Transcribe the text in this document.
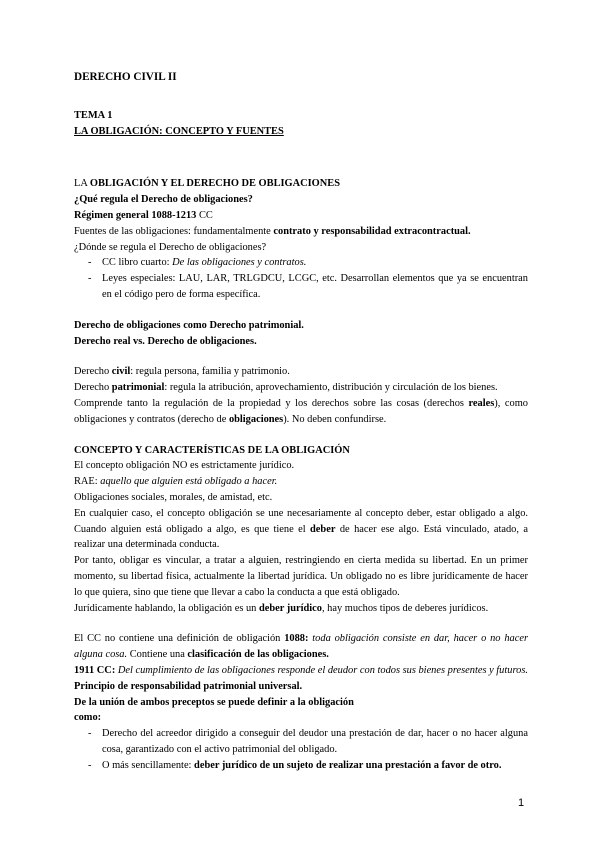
DERECHO CIVIL II

TEMA 1

LA OBLIGACIÓN: CONCEPTO Y FUENTES

LA OBLIGACIÓN Y EL DERECHO DE OBLIGACIONES

¿Qué regula el Derecho de obligaciones?

Régimen general 1088-1213 CC

Fuentes de las obligaciones: fundamentalmente contrato y responsabilidad extracontractual.

¿Dónde se regula el Derecho de obligaciones?

- CC libro cuarto: De las obligaciones y contratos.
- Leyes especiales: LAU, LAR, TRLGDCU, LCGC, etc. Desarrollan elementos que ya se encuentran en el código pero de forma específica.

Derecho de obligaciones como Derecho patrimonial.

Derecho real vs. Derecho de obligaciones.

Derecho civil: regula persona, familia y patrimonio.

Derecho patrimonial: regula la atribución, aprovechamiento, distribución y circulación de los bienes.

Comprende tanto la regulación de la propiedad y los derechos sobre las cosas (derechos reales), como obligaciones y contratos (derecho de obligaciones). No deben confundirse.

CONCEPTO Y CARACTERÍSTICAS DE LA OBLIGACIÓN

El concepto obligación NO es estrictamente jurídico.

RAE: aquello que alguien está obligado a hacer.

Obligaciones sociales, morales, de amistad, etc.

En cualquier caso, el concepto obligación se une necesariamente al concepto deber, estar obligado a algo. Cuando alguien está obligado a algo, es que tiene el deber de hacer ese algo. Está vinculado, atado, a realizar una determinada conducta.

Por tanto, obligar es vincular, a tratar a alguien, restringiendo en cierta medida su libertad. En un primer momento, su libertad física, actualmente la libertad jurídica. Un obligado no es libre jurídicamente de hacer lo que quiera, sino que tiene que llevar a cabo la conducta a que está obligado.

Jurídicamente hablando, la obligación es un deber jurídico, hay muchos tipos de deberes jurídicos.

El CC no contiene una definición de obligación 1088: toda obligación consiste en dar, hacer o no hacer alguna cosa. Contiene una clasificación de las obligaciones.

1911 CC: Del cumplimiento de las obligaciones responde el deudor con todos sus bienes presentes y futuros.

Principio de responsabilidad patrimonial universal.

De la unión de ambos preceptos se puede definir a la obligación

como:

- Derecho del acreedor dirigido a conseguir del deudor una prestación de dar, hacer o no hacer alguna cosa, garantizado con el activo patrimonial del obligado.
- O más sencillamente: deber jurídico de un sujeto de realizar una prestación a favor de otro.
1
